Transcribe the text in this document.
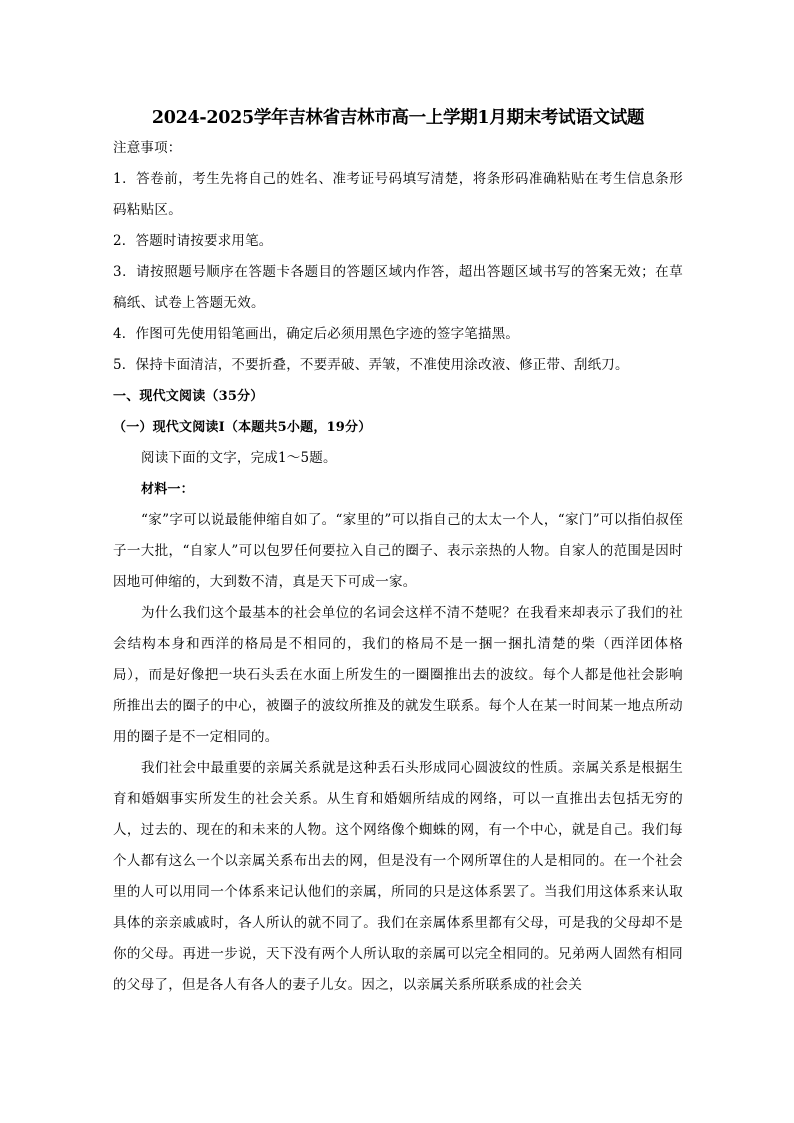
2024-2025学年吉林省吉林市高一上学期1月期末考试语文试题
注意事项：

1．答卷前，考生先将自己的姓名、准考证号码填写清楚，将条形码准确粘贴在考生信息条形码粘贴区。

2．答题时请按要求用笔。

3．请按照题号顺序在答题卡各题目的答题区域内作答，超出答题区域书写的答案无效；在草稿纸、试卷上答题无效。

4．作图可先使用铅笔画出，确定后必须用黑色字迹的签字笔描黑。
5．保持卡面清洁，不要折叠，不要弄破、弄皱，不准使用涂改液、修正带、刮纸刀。
一、现代文阅读（35分）
（一）现代文阅读Ⅰ（本题共5小题，19分）
阅读下面的文字，完成1～5题。
材料一：

“家”字可以说最能伸缩自如了。“家里的”可以指自己的太太一个人，“家门”可以指伯叔侄子一大批，“自家人”可以包罗任何要拉入自己的圈子、表示亲热的人物。自家人的范围是因时因地可伸缩的，大到数不清，真是天下可成一家。

为什么我们这个最基本的社会单位的名词会这样不清不楚呢？在我看来却表示了我们的社会结构本身和西洋的格局是不相同的，我们的格局不是一捆一捆扎清楚的柴（西洋团体格局），而是好像把一块石头丢在水面上所发生的一圈圈推出去的波纹。每个人都是他社会影响所推出去的圈子的中心，被圈子的波纹所推及的就发生联系。每个人在某一时间某一地点所动用的圈子是不一定相同的。

我们社会中最重要的亲属关系就是这种丢石头形成同心圆波纹的性质。亲属关系是根据生育和婚姻事实所发生的社会关系。从生育和婚姻所结成的网络，可以一直推出去包括无穷的人，过去的、现在的和未来的人物。这个网络像个蜘蛛的网，有一个中心，就是自己。我们每个人都有这么一个以亲属关系布出去的网，但是没有一个网所罩住的人是相同的。在一个社会里的人可以用同一个体系来记认他们的亲属，所同的只是这体系罢了。当我们用这体系来认取具体的亲亲戚戚时，各人所认的就不同了。我们在亲属体系里都有父母，可是我的父母却不是你的父母。再进一步说，天下没有两个人所认取的亲属可以完全相同的。兄弟两人固然有相同的父母了，但是各人有各人的妻子儿女。因之，以亲属关系所联系成的社会关
